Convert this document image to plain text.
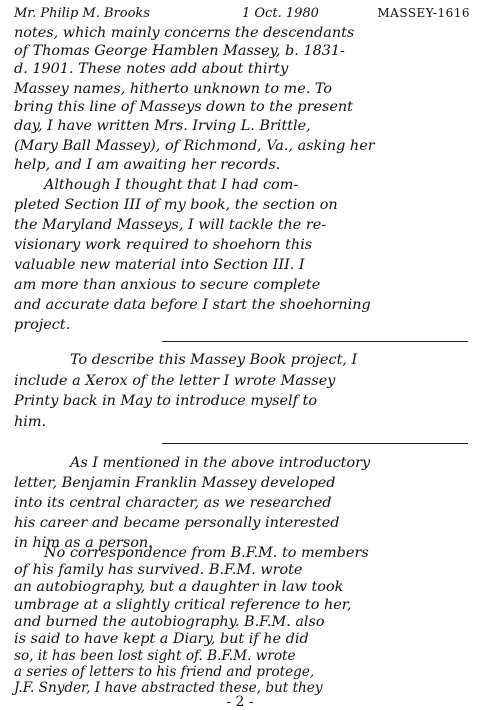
Mr. Philip M. Brooks	1 Oct. 1980	MASSEY-1616
notes, which mainly concerns the descendants
of Thomas George Hamblen Massey, b. 1831-
d. 1901. These notes add about thirty
Massey names, hitherto unknown to me. To
bring this line of Masseys down to the present
day, I have written Mrs. Irving L. Brittle,
(Mary Ball Massey), of Richmond, Va., asking her
help, and I am awaiting her records.
Although I thought that I had com-
pleted Section III of my book, the section on
the Maryland Masseys, I will tackle the re-
visionary work required to shoehorn this
valuable new material into Section III. I
am more than anxious to secure complete
and accurate data before I start the shoehorning
project.
To describe this Massey Book project, I
include a Xerox of the letter I wrote Massey
Printy back in May to introduce myself to
him.
As I mentioned in the above introductory
letter, Benjamin Franklin Massey developed
into its central character, as we researched
his career and became personally interested
in him as a person.
No correspondence from B.F.M. to members
of his family has survived. B.F.M. wrote
an autobiography, but a daughter in law took
umbrage at a slightly critical reference to her,
and burned the autobiography. B.F.M. also
is said to have kept a Diary, but if he did
so, it has been lost sight of. B.F.M. wrote
a series of letters to his friend and protege,
J.F. Snyder, I have abstracted these, but they
- 2 -
